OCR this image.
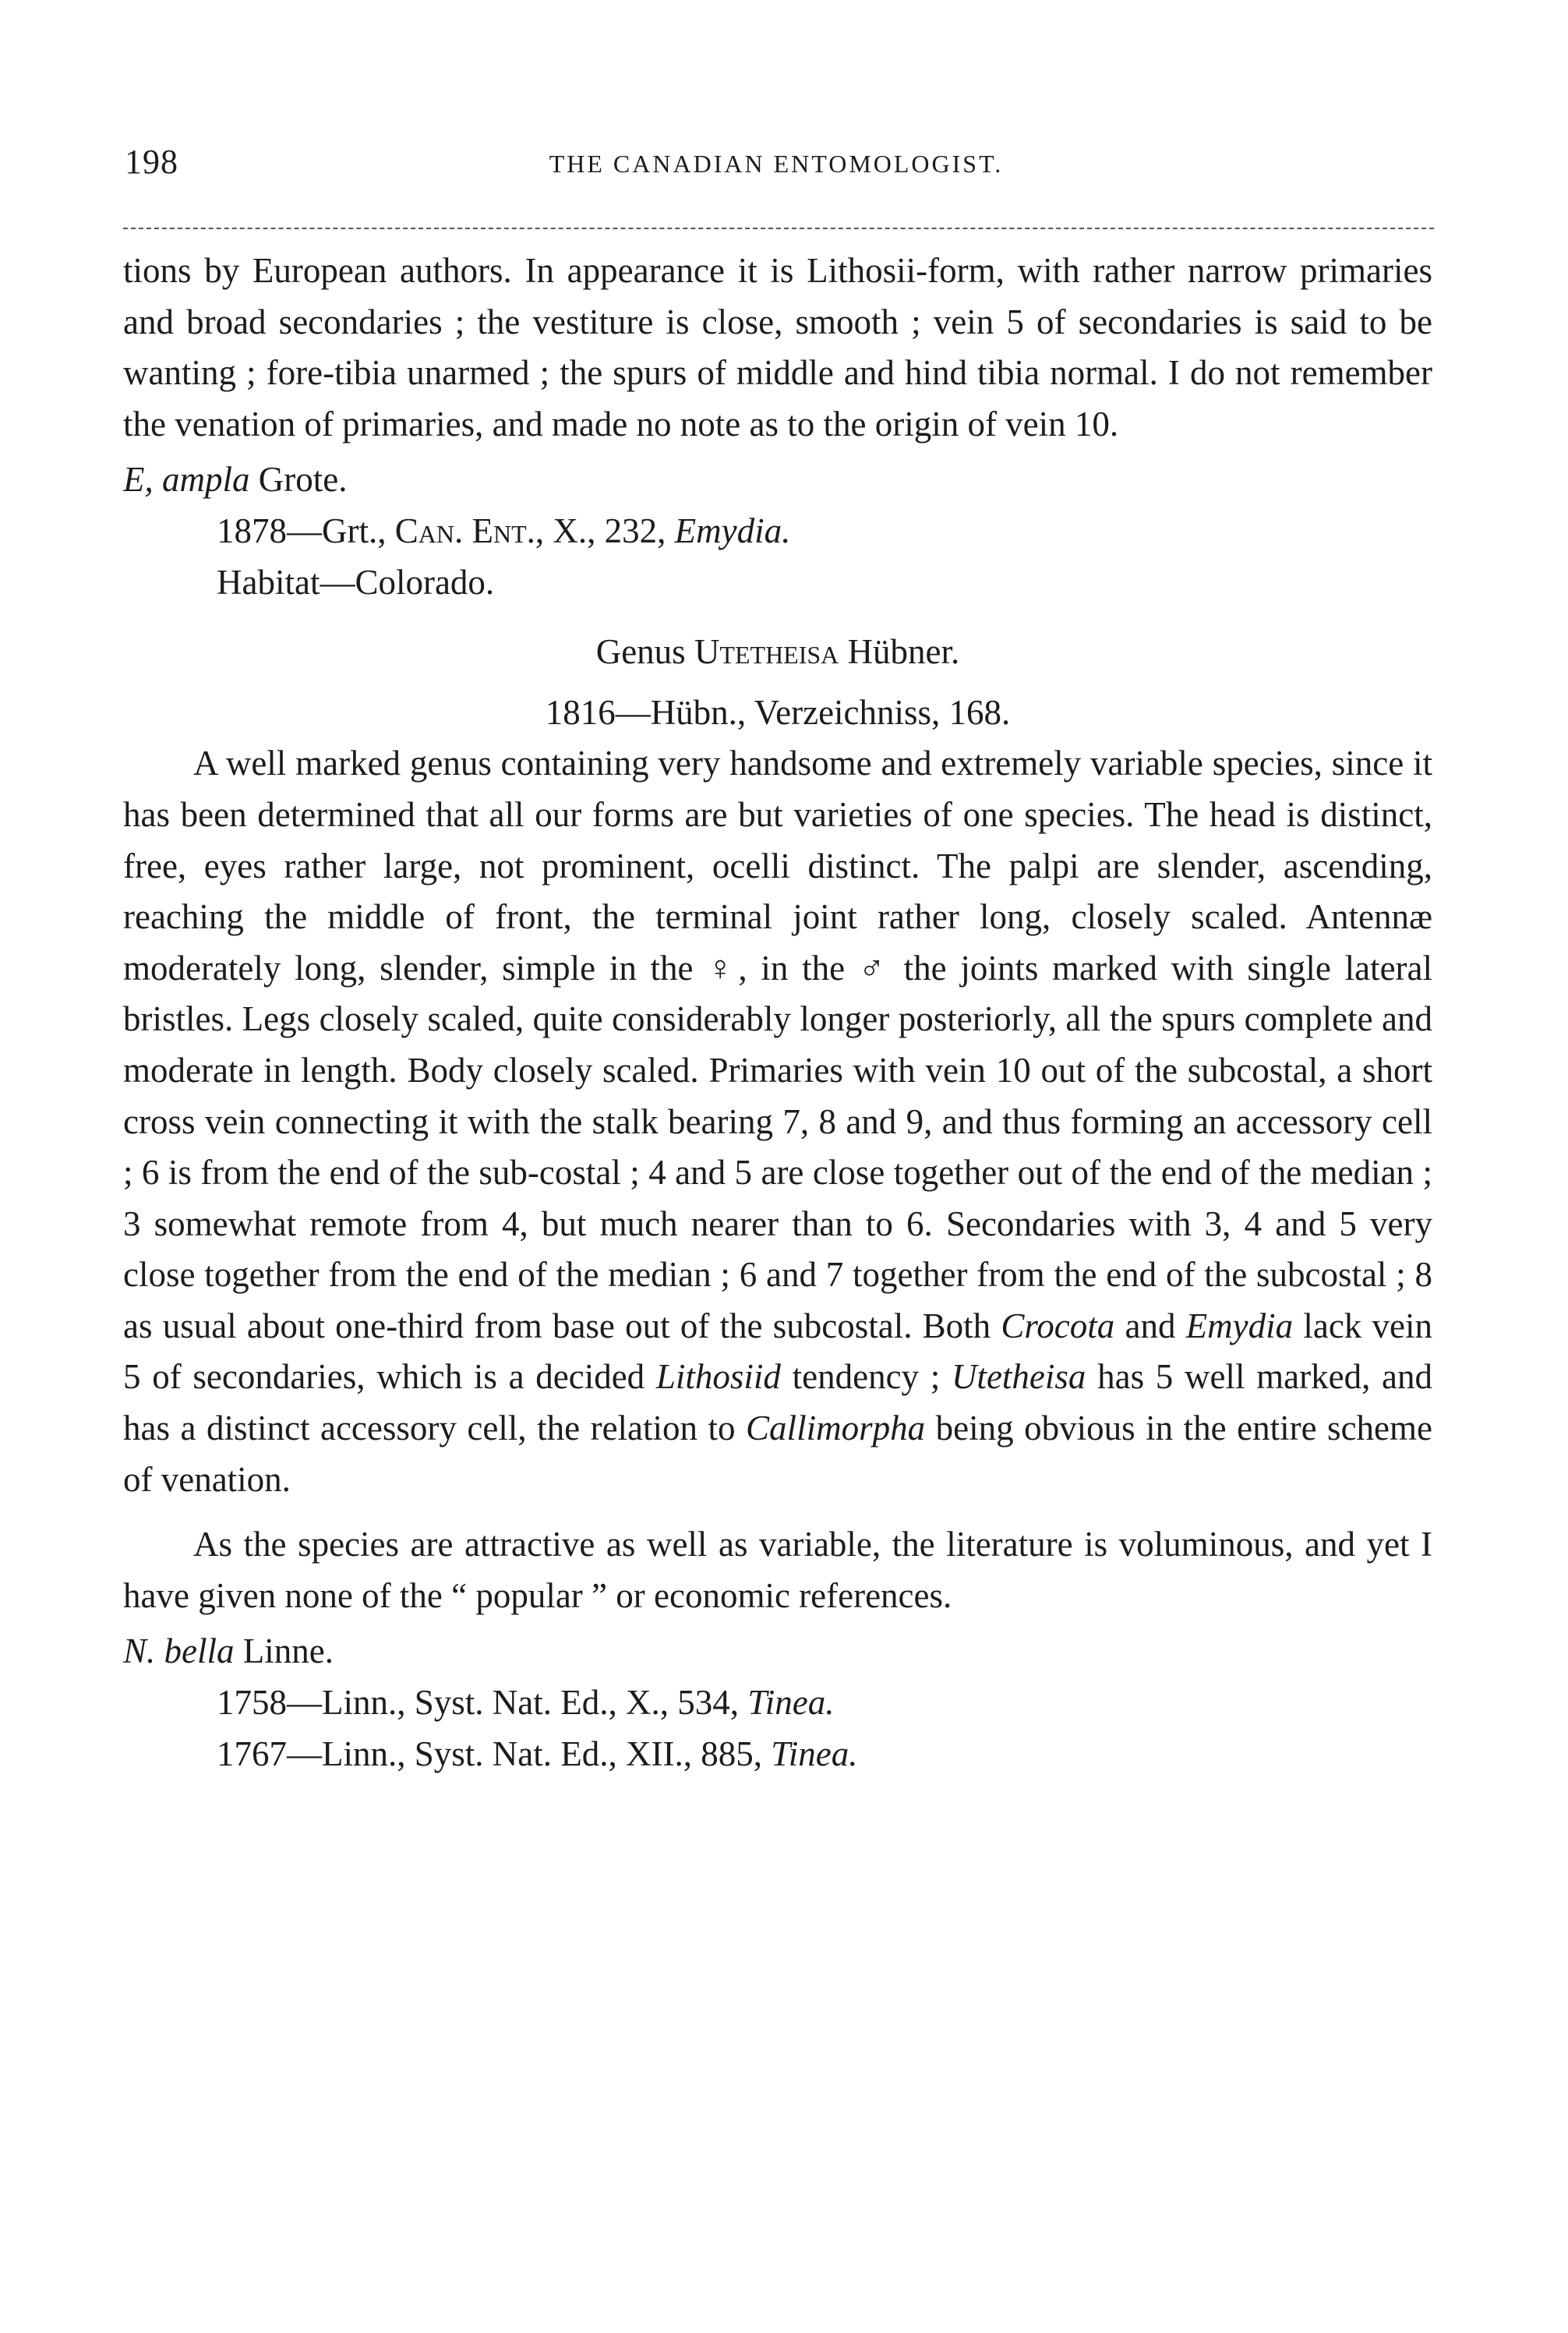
198	THE CANADIAN ENTOMOLOGIST.

tions by European authors. In appearance it is Lithosii-form, with rather narrow primaries and broad secondaries ; the vestiture is close, smooth ; vein 5 of secondaries is said to be wanting ; fore-tibia unarmed ; the spurs of middle and hind tibia normal. I do not remember the venation of primaries, and made no note as to the origin of vein 10.

E, ampla Grote.

1878—Grt., Can. Ent., X., 232, Emydia.

Habitat—Colorado.

Genus Utetheisa Hübner.

1816—Hübn., Verzeichniss, 168.

A well marked genus containing very handsome and extremely variable species, since it has been determined that all our forms are but varieties of one species. The head is distinct, free, eyes rather large, not prominent, ocelli distinct. The palpi are slender, ascending, reaching the middle of front, the terminal joint rather long, closely scaled. Antennæ moderately long, slender, simple in the ♀, in the ♂ the joints marked with single lateral bristles. Legs closely scaled, quite considerably longer posteriorly, all the spurs complete and moderate in length. Body closely scaled. Primaries with vein 10 out of the subcostal, a short cross vein connecting it with the stalk bearing 7, 8 and 9, and thus forming an accessory cell ; 6 is from the end of the sub-costal ; 4 and 5 are close together out of the end of the median ; 3 somewhat remote from 4, but much nearer than to 6. Secondaries with 3, 4 and 5 very close together from the end of the median ; 6 and 7 together from the end of the subcostal ; 8 as usual about one-third from base out of the subcostal. Both Crocota and Emydia lack vein 5 of secondaries, which is a decided Lithosiid tendency ; Utetheisa has 5 well marked, and has a distinct accessory cell, the relation to Callimorpha being obvious in the entire scheme of venation.

As the species are attractive as well as variable, the literature is voluminous, and yet I have given none of the “ popular ” or economic references.

N. bella Linne.

1758—Linn., Syst. Nat. Ed., X., 534, Tinea.

1767—Linn., Syst. Nat. Ed., XII., 885, Tinea.
